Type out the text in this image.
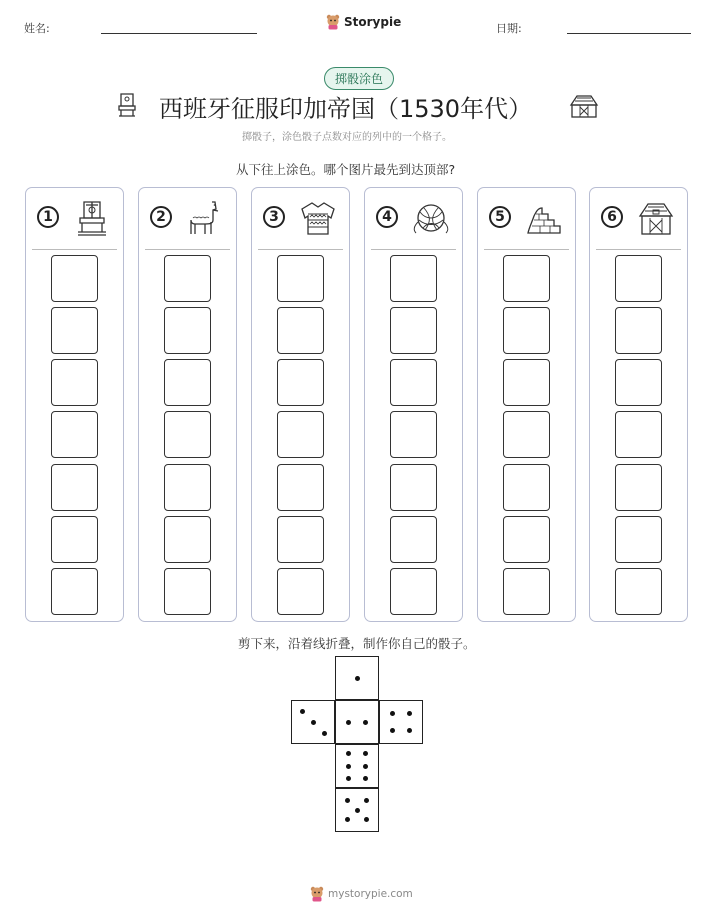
姓名:	Storypie	日期:
掷骰涂色
西班牙征服印加帝国（1530年代）
掷骰子，涂色骰子点数对应的列中的一个格子。
从下往上涂色。哪个图片最先到达顶部?
1	2	3	4	5	6
剪下来，沿着线折叠，制作你自己的骰子。
mystorypie.com
